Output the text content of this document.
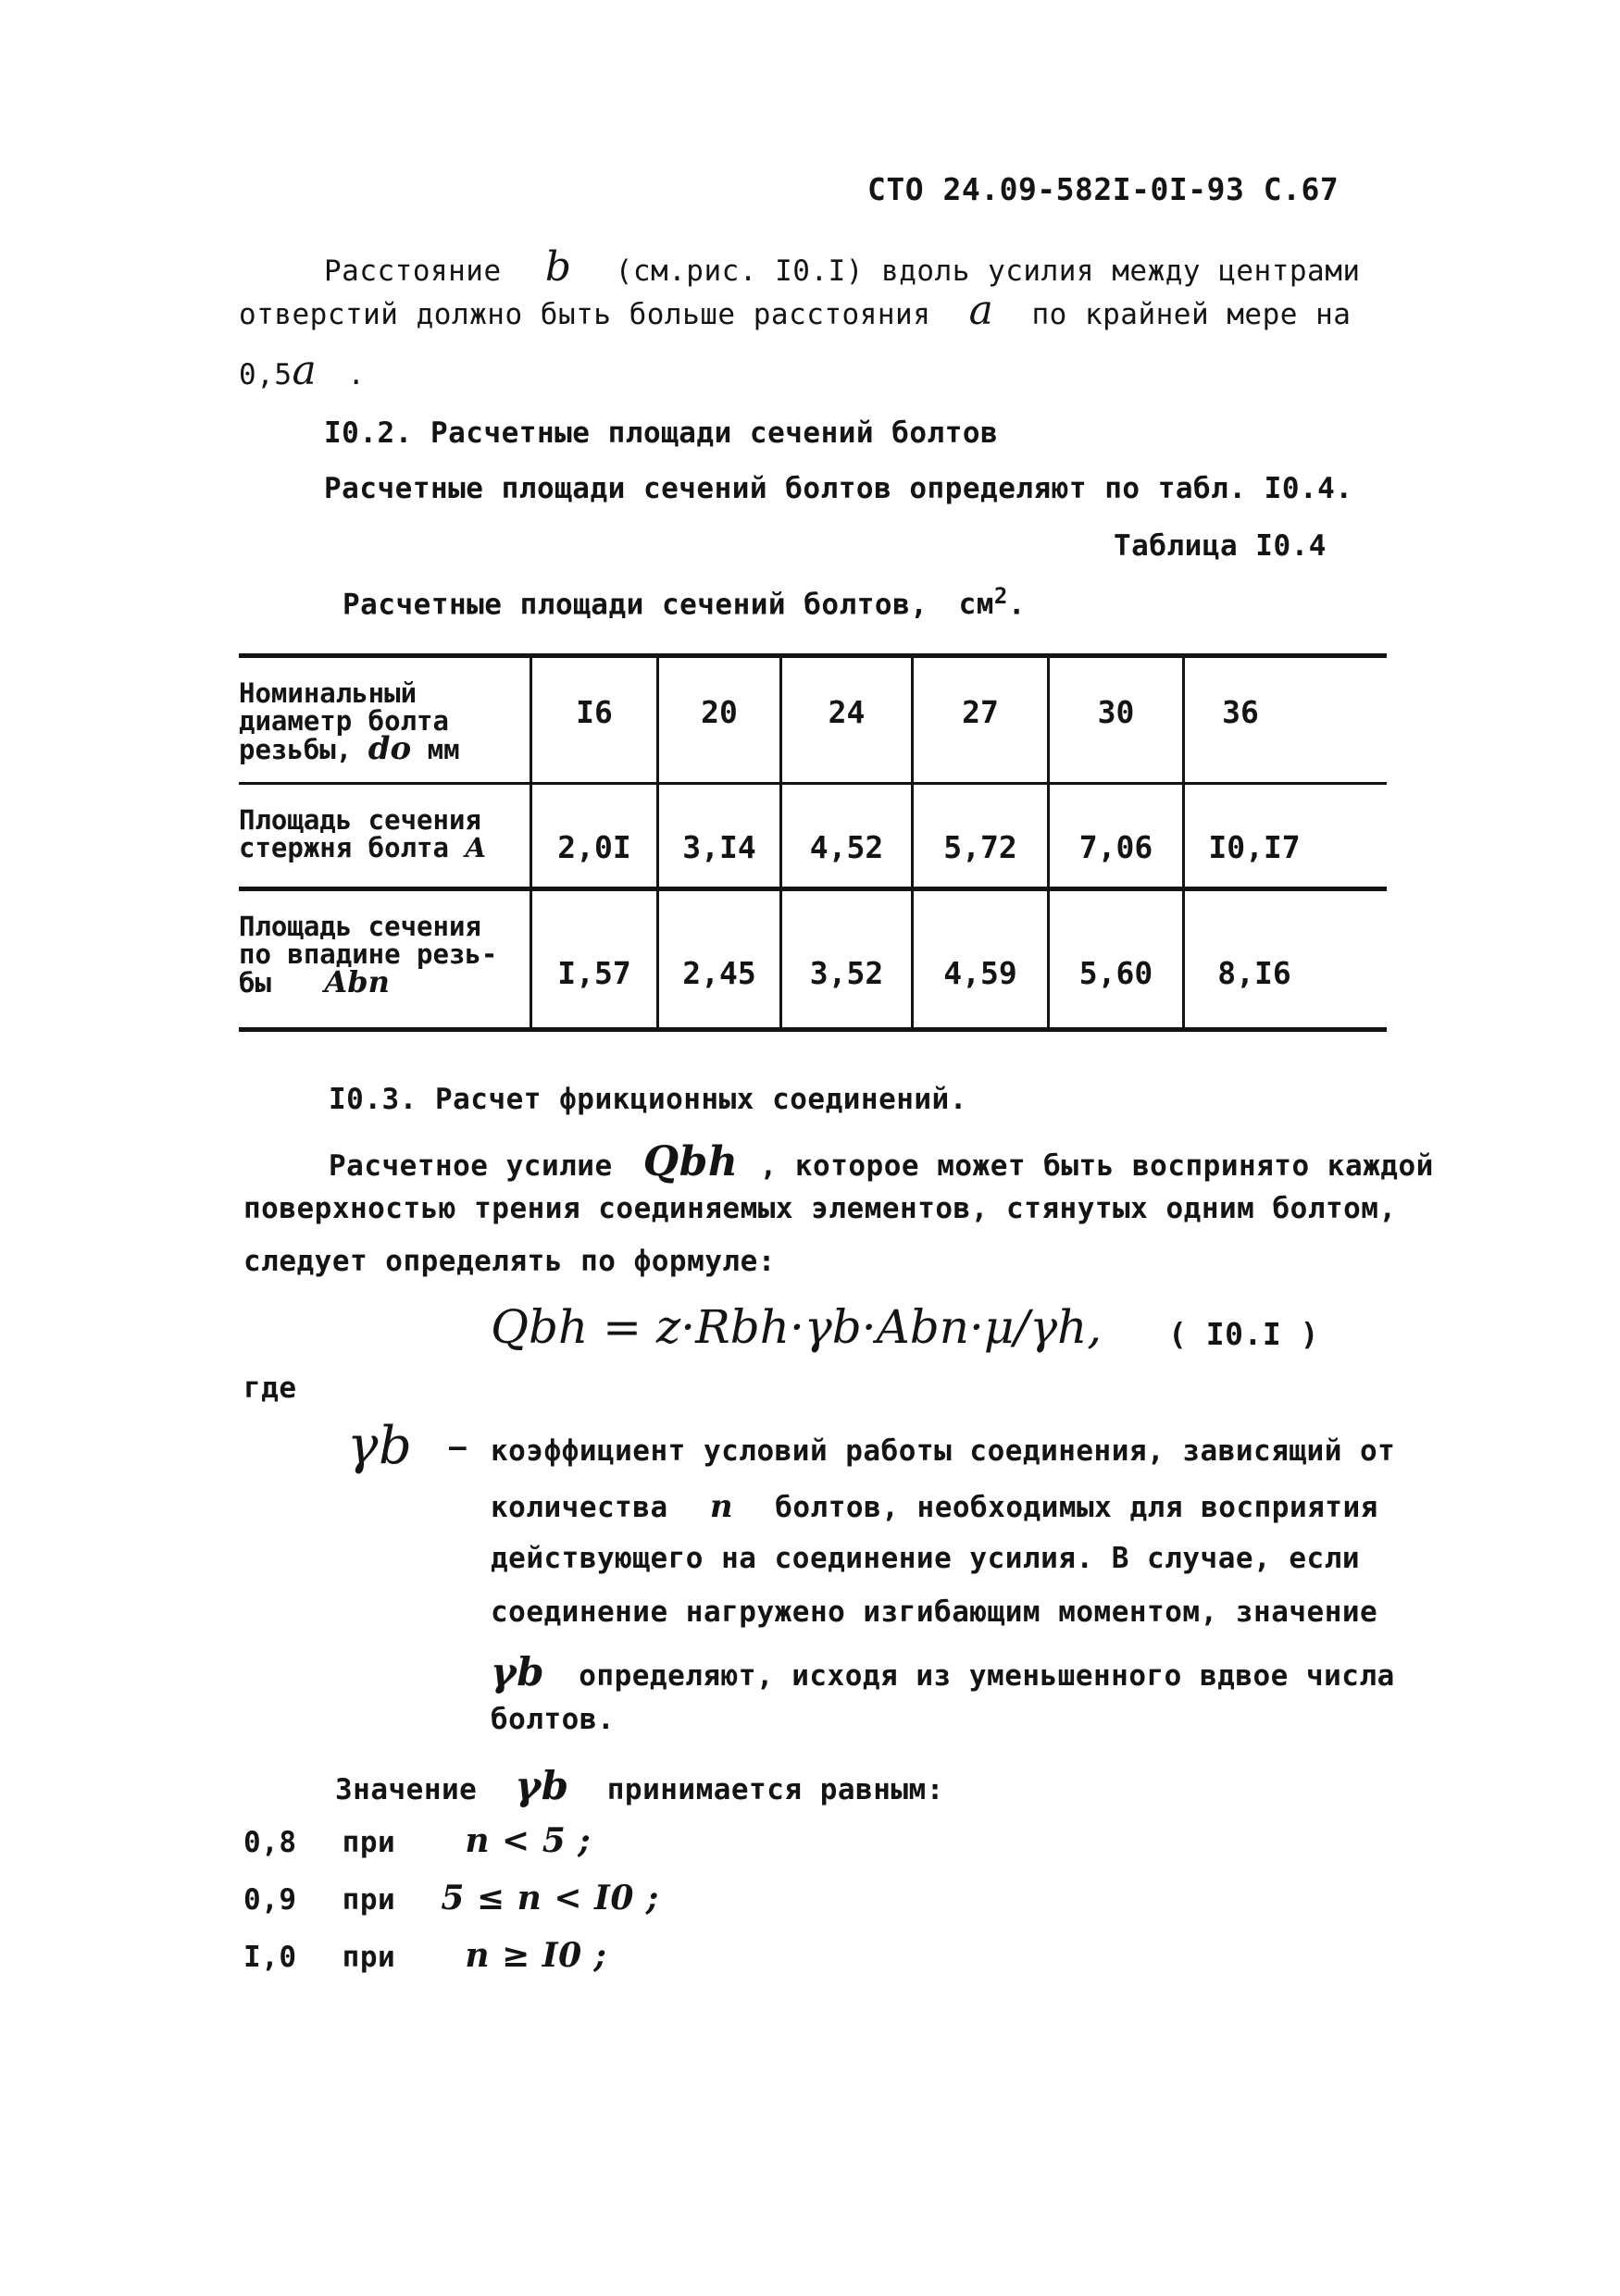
СТО 24.09-582I-0I-93 С.67
Расстояние b (см.рис. I0.I) вдоль усилия между центрами
отверстий должно быть больше расстояния a по крайней мере на
0,5a .
I0.2. Расчетные площади сечений болтов
Расчетные площади сечений болтов определяют по табл. I0.4.
Таблица I0.4
Расчетные площади сечений болтов, $см^2$.
Номинальный
диаметр болта
резьбы, do мм
I6	20	24	27	30	36
Площадь сечения
стержня болта A	2,0I	3,I4	4,52	5,72	7,06	I0,I7
Площадь сечения
по впадине резь-
бы Abn	I,57	2,45	3,52	4,59	5,60	8,I6
I0.3. Расчет фрикционных соединений.
Расчетное усилие Qbh , которое может быть воспринято каждой
поверхностью трения соединяемых элементов, стянутых одним болтом,
следует определять по формуле:
Qbh = z·Rbh·γb·Abn·μ/γh, ( I0.I )
где
γb – коэффициент условий работы соединения, зависящий от
количества n болтов, необходимых для восприятия
действующего на соединение усилия. В случае, если
соединение нагружено изгибающим моментом, значение
γb определяют, исходя из уменьшенного вдвое числа
болтов.
Значение γb принимается равным:
0,8 при n < 5 ;
0,9 при 5 ≤ n < I0 ;
I,0 при n ≥ I0 ;
